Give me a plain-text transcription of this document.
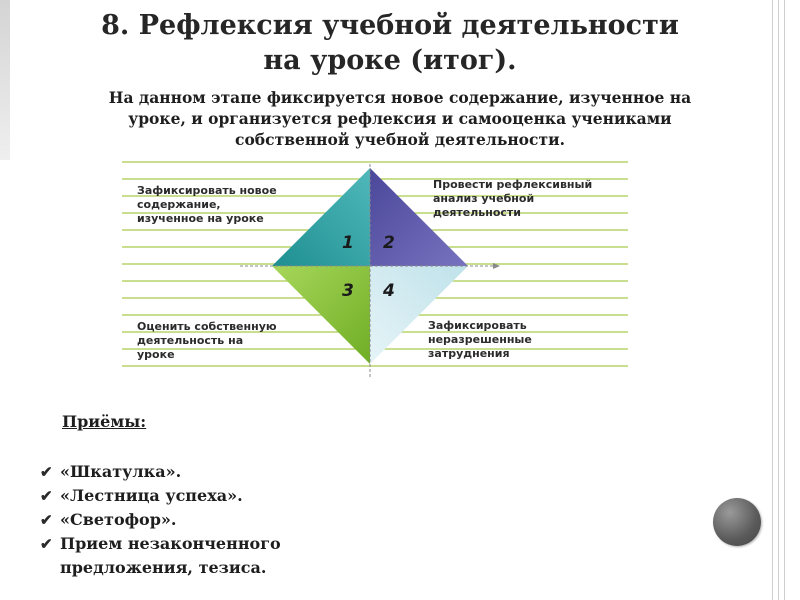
8. Рефлексия учебной деятельности
на уроке (итог).

На данном этапе фиксируется новое содержание, изученное на
уроке, и организуется рефлексия и самооценка учениками
собственной учебной деятельности.

1 2
3 4
Зафиксировать новое
содержание,
изученное на уроке
Провести рефлексивный
анализ учебной
деятельности
Оценить собственную
деятельность на
уроке
Зафиксировать
неразрешенные
затруднения
Приёмы:
✔ «Шкатулка».
✔ «Лестница успеха».
✔ «Светофор».
✔ Прием незаконченного
предложения, тезиса.
